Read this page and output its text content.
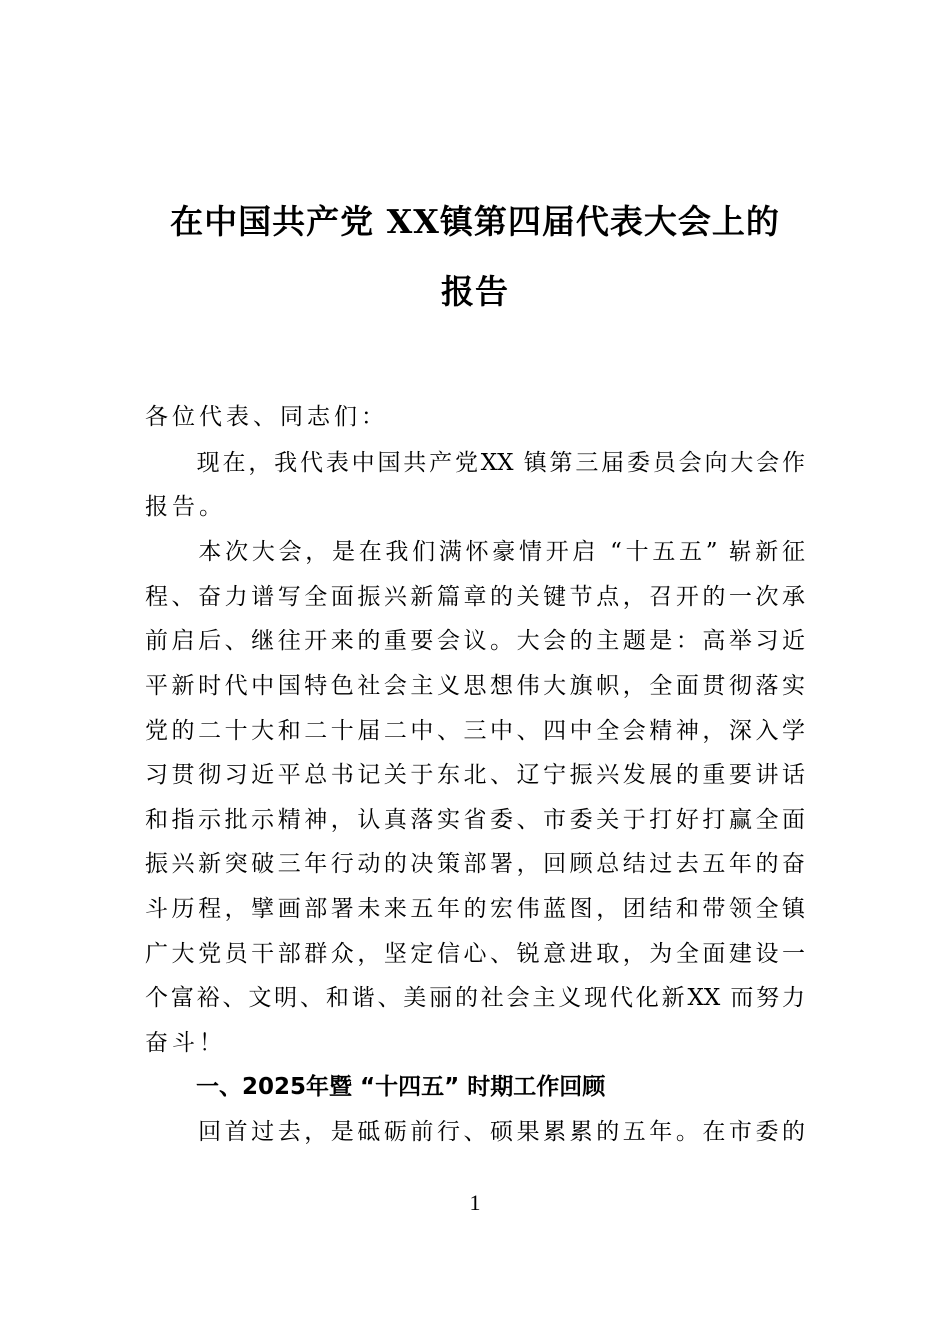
在中国共产党 XX镇第四届代表大会上的
报告
各位代表、同志们：
　　现在，我代表中国共产党XX 镇第三届委员会向大会作
报告。
　　本次大会，是在我们满怀豪情开启 “十五五” 崭新征
程、奋力谱写全面振兴新篇章的关键节点，召开的一次承
前启后、继往开来的重要会议。大会的主题是：高举习近
平新时代中国特色社会主义思想伟大旗帜，全面贯彻落实
党的二十大和二十届二中、三中、四中全会精神，深入学
习贯彻习近平总书记关于东北、辽宁振兴发展的重要讲话
和指示批示精神，认真落实省委、市委关于打好打赢全面
振兴新突破三年行动的决策部署，回顾总结过去五年的奋
斗历程，擘画部署未来五年的宏伟蓝图，团结和带领全镇
广大党员干部群众，坚定信心、锐意进取，为全面建设一
个富裕、文明、和谐、美丽的社会主义现代化新XX 而努力
奋斗！
一、2025年暨 “十四五” 时期工作回顾
　　回首过去，是砥砺前行、硕果累累的五年。在市委的
1
